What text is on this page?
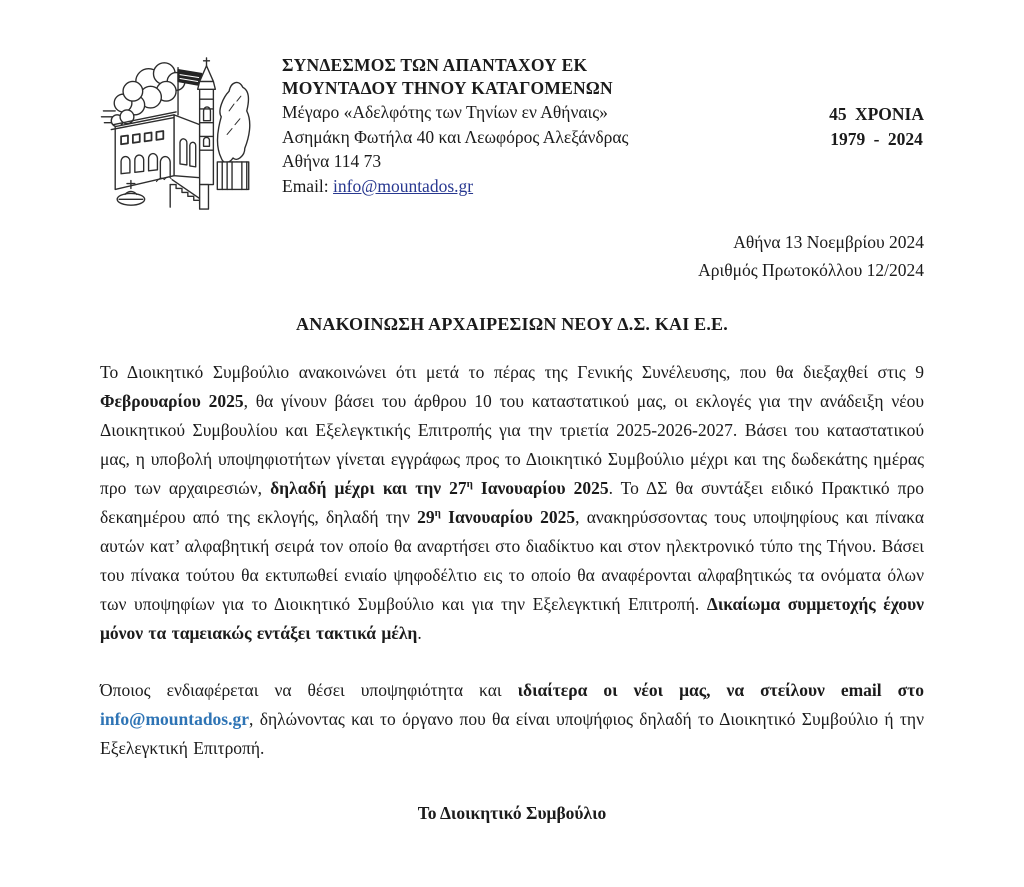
ΣΥΝΔΕΣΜΟΣ ΤΩΝ ΑΠΑΝΤΑΧΟΥ ΕΚ
ΜΟΥΝΤΑΔΟΥ ΤΗΝΟΥ ΚΑΤΑΓΟΜΕΝΩΝ
Μέγαρο «Αδελφότης των Τηνίων εν Αθήναις»
Ασημάκη Φωτήλα 40 και Λεωφόρος Αλεξάνδρας
Αθήνα 114 73
Email: info@mountados.gr
45 ΧΡΟΝΙΑ
1979 - 2024
Αθήνα 13 Νοεμβρίου 2024
Αριθμός Πρωτοκόλλου 12/2024
ΑΝΑΚΟΙΝΩΣΗ ΑΡΧΑΙΡΕΣΙΩΝ ΝΕΟΥ Δ.Σ. ΚΑΙ Ε.Ε.

Το Διοικητικό Συμβούλιο ανακοινώνει ότι μετά το πέρας της Γενικής Συνέλευσης, που θα διεξαχθεί στις 9 Φεβρουαρίου 2025, θα γίνουν βάσει του άρθρου 10 του καταστατικού μας, οι εκλογές για την ανάδειξη νέου Διοικητικού Συμβουλίου και Εξελεγκτικής Επιτροπής για την τριετία 2025-2026-2027. Βάσει του καταστατικού μας, η υποβολή υποψηφιοτήτων γίνεται εγγράφως προς το Διοικητικό Συμβούλιο μέχρι και της δωδεκάτης ημέρας προ των αρχαιρεσιών, δηλαδή μέχρι και την $27^\eta$ Ιανουαρίου 2025. Το ΔΣ θα συντάξει ειδικό Πρακτικό προ δεκαημέρου από της εκλογής, δηλαδή την $29^\eta$ Ιανουαρίου 2025, ανακηρύσσοντας τους υποψηφίους και πίνακα αυτών κατ’ αλφαβητική σειρά τον οποίο θα αναρτήσει στο διαδίκτυο και στον ηλεκτρονικό τύπο της Τήνου. Βάσει του πίνακα τούτου θα εκτυπωθεί ενιαίο ψηφοδέλτιο εις το οποίο θα αναφέρονται αλφαβητικώς τα ονόματα όλων των υποψηφίων για το Διοικητικό Συμβούλιο και για την Εξελεγκτική Επιτροπή. Δικαίωμα συμμετοχής έχουν μόνον τα ταμειακώς εντάξει τακτικά μέλη.

Όποιος ενδιαφέρεται να θέσει υποψηφιότητα και ιδιαίτερα οι νέοι μας, να στείλουν email στο info@mountados.gr, δηλώνοντας και το όργανο που θα είναι υποψήφιος δηλαδή το Διοικητικό Συμβούλιο ή την Εξελεγκτική Επιτροπή.

Το Διοικητικό Συμβούλιο
